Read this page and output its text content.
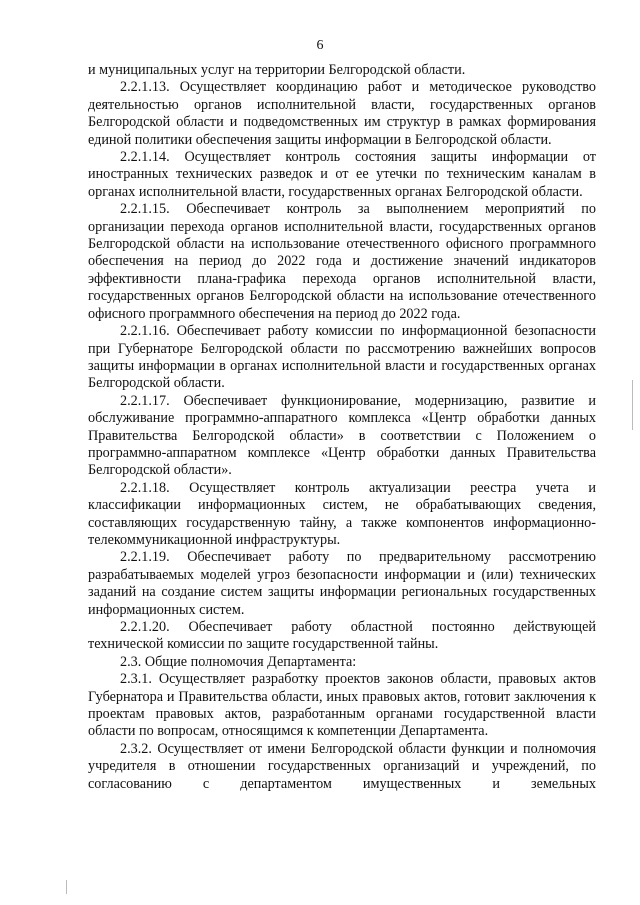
6

и муниципальных услуг на территории Белгородской области.

2.2.1.13. Осуществляет координацию работ и методическое руководство деятельностью органов исполнительной власти, государственных органов Белгородской области и подведомственных им структур в рамках формирования единой политики обеспечения защиты информации в Белгородской области.

2.2.1.14. Осуществляет контроль состояния защиты информации от иностранных технических разведок и от ее утечки по техническим каналам в органах исполнительной власти, государственных органах Белгородской области.

2.2.1.15. Обеспечивает контроль за выполнением мероприятий по организации перехода органов исполнительной власти, государственных органов Белгородской области на использование отечественного офисного программного обеспечения на период до 2022 года и достижение значений индикаторов эффективности плана-графика перехода органов исполнительной власти, государственных органов Белгородской области на использование отечественного офисного программного обеспечения на период до 2022 года.

2.2.1.16. Обеспечивает работу комиссии по информационной безопасности при Губернаторе Белгородской области по рассмотрению важнейших вопросов защиты информации в органах исполнительной власти и государственных органах Белгородской области.

2.2.1.17. Обеспечивает функционирование, модернизацию, развитие и обслуживание программно-аппаратного комплекса «Центр обработки данных Правительства Белгородской области» в соответствии с Положением о программно-аппаратном комплексе «Центр обработки данных Правительства Белгородской области».

2.2.1.18. Осуществляет контроль актуализации реестра учета и классификации информационных систем, не обрабатывающих сведения, составляющих государственную тайну, а также компонентов информационно-телекоммуникационной инфраструктуры.

2.2.1.19. Обеспечивает работу по предварительному рассмотрению разрабатываемых моделей угроз безопасности информации и (или) технических заданий на создание систем защиты информации региональных государственных информационных систем.

2.2.1.20. Обеспечивает работу областной постоянно действующей технической комиссии по защите государственной тайны.

2.3. Общие полномочия Департамента:

2.3.1. Осуществляет разработку проектов законов области, правовых актов Губернатора и Правительства области, иных правовых актов, готовит заключения к проектам правовых актов, разработанным органами государственной власти области по вопросам, относящимся к компетенции Департамента.

2.3.2. Осуществляет от имени Белгородской области функции и полномочия учредителя в отношении государственных организаций и учреждений, по согласованию с департаментом имущественных и земельных
